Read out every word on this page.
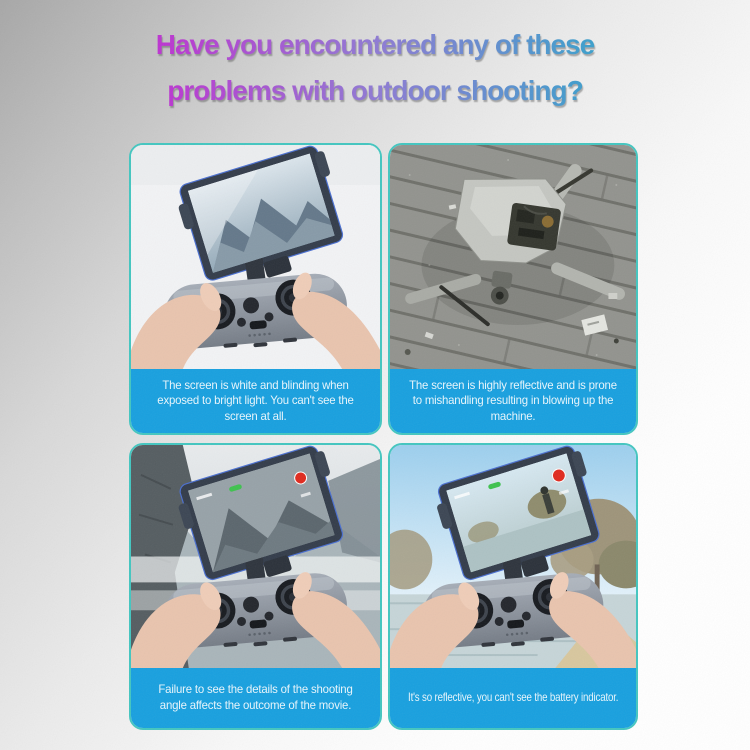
Have you encountered any of these
problems with outdoor shooting?
The screen is white and blinding when exposed to bright light. You can't see the screen at all.
The screen is highly reflective and is prone to mishandling resulting in blowing up the machine.
Failure to see the details of the shooting angle affects the outcome of the movie.
It's so reflective, you can't see the battery indicator.
